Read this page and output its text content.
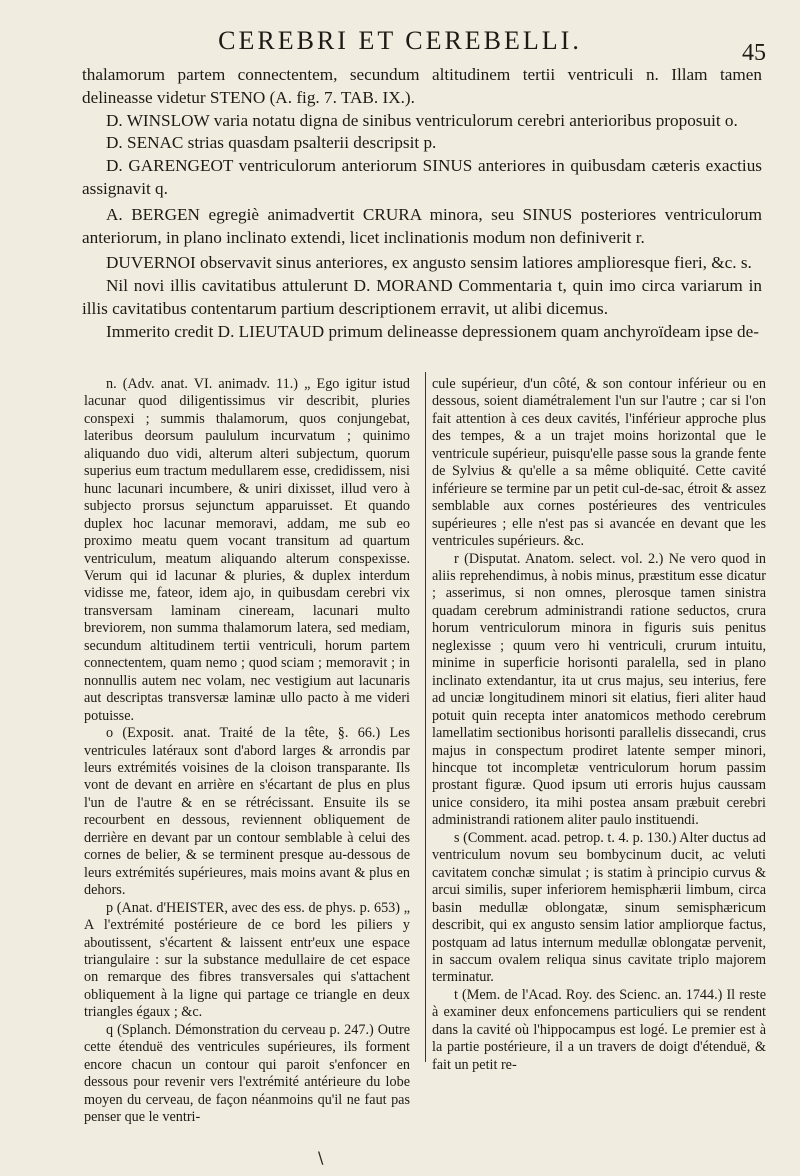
CEREBRI ET CEREBELLI.	45

thalamorum partem connectentem, secundum altitudinem tertii ventriculi n. Illam tamen delineasse videtur STENO (A. fig. 7. TAB. IX.).

D. WINSLOW varia notatu digna de sinibus ventriculorum cerebri anterioribus proposuit o.

D. SENAC strias quasdam psalterii descripsit p.

D. GARENGEOT ventriculorum anteriorum SINUS anteriores in quibusdam cæteris exactius assignavit q.

A. BERGEN egregiè animadvertit CRURA minora, seu SINUS posteriores ventriculorum anteriorum, in plano inclinato extendi, licet inclinationis modum non definiverit r.

DUVERNOI observavit sinus anteriores, ex angusto sensim latiores amplioresque fieri, &c. s.

Nil novi illis cavitatibus attulerunt D. MORAND Commentaria t, quin imo circa variarum in illis cavitatibus contentarum partium descriptionem erravit, ut alibi dicemus.

Immerito credit D. LIEUTAUD primum delineasse depressionem quam anchyroïdeam ipse de-

n. (Adv. anat. VI. animadv. 11.) „ Ego igitur istud lacunar quod diligentissimus vir describit, pluries conspexi ; summis thalamorum, quos conjungebat, lateribus deorsum paululum incurvatum ; quinimo aliquando duo vidi, alterum alteri subjectum, quorum superius eum tractum medullarem esse, credidissem, nisi hunc lacunari incumbere, & uniri dixisset, illud vero à subjecto prorsus sejunctum apparuisset. Et quando duplex hoc lacunar memoravi, addam, me sub eo proximo meatu quem vocant transitum ad quartum ventriculum, meatum aliquando alterum conspexisse. Verum qui id lacunar & pluries, & duplex interdum vidisse me, fateor, idem ajo, in quibusdam cerebri vix transversam laminam cineream, lacunari multo breviorem, non summa thalamorum latera, sed mediam, secundum altitudinem tertii ventriculi, horum partem connectentem, quam nemo ; quod sciam ; memoravit ; in nonnullis autem nec volam, nec vestigium aut lacunaris aut descriptas transversæ laminæ ullo pacto à me videri potuisse.

o (Exposit. anat. Traité de la tête, §. 66.) Les ventricules latéraux sont d'abord larges & arrondis par leurs extrémités voisines de la cloison transparante. Ils vont de devant en arrière en s'écartant de plus en plus l'un de l'autre & en se rétrécissant. Ensuite ils se recourbent en dessous, reviennent obliquement de derrière en devant par un contour semblable à celui des cornes de belier, & se terminent presque au-dessous de leurs extrémités supérieures, mais moins avant & plus en dehors.

p (Anat. d'HEISTER, avec des ess. de phys. p. 653) „ A l'extrémité postérieure de ce bord les piliers y aboutissent, s'écartent & laissent entr'eux une espace triangulaire : sur la substance medullaire de cet espace on remarque des fibres transversales qui s'attachent obliquement à la ligne qui partage ce triangle en deux triangles égaux ; &c.

q (Splanch. Démonstration du cerveau p. 247.) Outre cette étenduë des ventricules supérieures, ils forment encore chacun un contour qui paroit s'enfoncer en dessous pour revenir vers l'extrémité antérieure du lobe moyen du cerveau, de façon néanmoins qu'il ne faut pas penser que le ventri-

cule supérieur, d'un côté, & son contour inférieur ou en dessous, soient diamétralement l'un sur l'autre ; car si l'on fait attention à ces deux cavités, l'inférieur approche plus des tempes, & a un trajet moins horizontal que le ventricule supérieur, puisqu'elle passe sous la grande fente de Sylvius & qu'elle a sa même obliquité. Cette cavité inférieure se termine par un petit cul-de-sac, étroit & assez semblable aux cornes postérieures des ventricules supérieures ; elle n'est pas si avancée en devant que les ventricules supérieurs. &c.

r (Disputat. Anatom. select. vol. 2.) Ne vero quod in aliis reprehendimus, à nobis minus, præstitum esse dicatur ; asserimus, si non omnes, plerosque tamen sinistra quadam cerebrum administrandi ratione seductos, crura horum ventriculorum minora in figuris suis penitus neglexisse ; quum vero hi ventriculi, crurum intuitu, minime in superficie horisonti paralella, sed in plano inclinato extendantur, ita ut crus majus, seu interius, fere ad unciæ longitudinem minori sit elatius, fieri aliter haud potuit quin recepta inter anatomicos methodo cerebrum lamellatim sectionibus horisonti parallelis dissecandi, crus majus in conspectum prodiret latente semper minori, hincque tot incompletæ ventriculorum horum passim prostant figuræ. Quod ipsum uti erroris hujus caussam unice considero, ita mihi postea ansam præbuit cerebri administrandi rationem aliter paulo instituendi.

s (Comment. acad. petrop. t. 4. p. 130.) Alter ductus ad ventriculum novum seu bombycinum ducit, ac veluti cavitatem conchæ simulat ; is statim à principio curvus & arcui similis, super inferiorem hemisphærii limbum, circa basin medullæ oblongatæ, sinum semisphæricum describit, qui ex angusto sensim latior ampliorque factus, postquam ad latus internum medullæ oblongatæ pervenit, in saccum ovalem reliqua sinus cavitate triplo majorem terminatur.

t (Mem. de l'Acad. Roy. des Scienc. an. 1744.) Il reste à examiner deux enfoncemens particuliers qui se rendent dans la cavité où l'hippocampus est logé. Le premier est à la partie postérieure, il a un travers de doigt d'étenduë, & fait un petit re-

\
